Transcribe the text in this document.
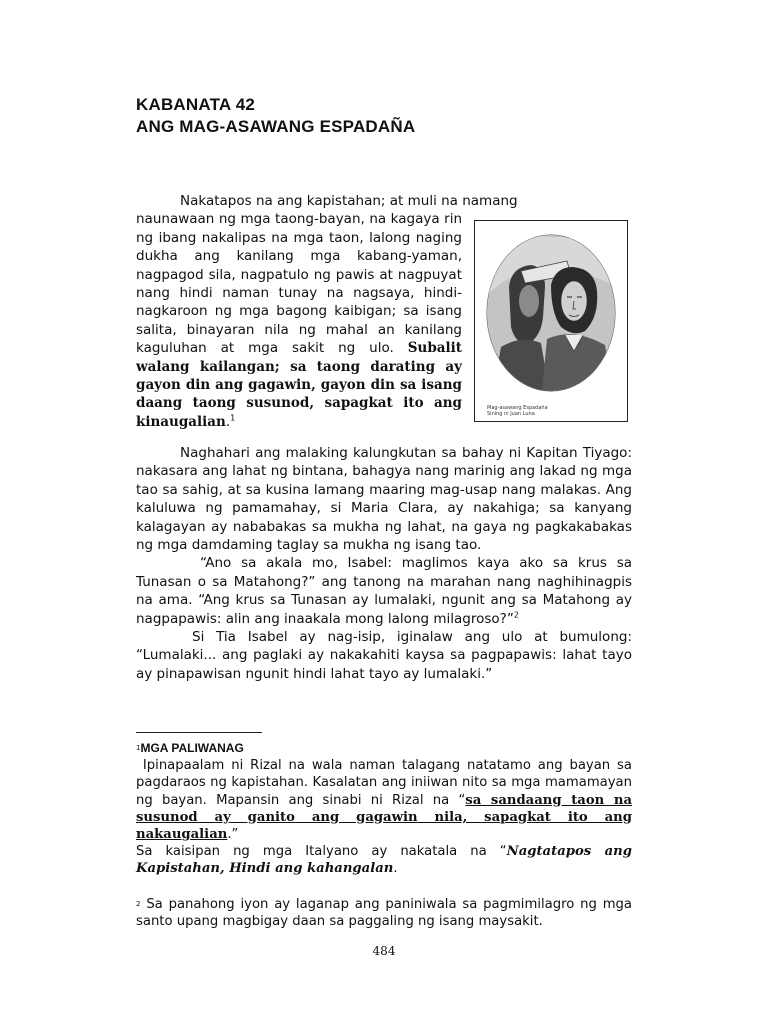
KABANATA 42
ANG MAG-ASAWANG ESPADAÑA
Nakatapos na ang kapistahan; at muli na namang
naunawaan ng mga taong-bayan, na kagaya rin ng ibang nakalipas na mga taon, lalong naging dukha ang kanilang mga kabang-yaman, nagpagod sila, nagpatulo ng pawis at nagpuyat nang hindi naman tunay na nagsaya, hindi-nagkaroon ng mga bagong kaibigan; sa isang salita, binayaran nila ng mahal an kanilang kaguluhan at mga sakit ng ulo. Subalit walang kailangan; sa taong darating ay gayon din ang gagawin, gayon din sa isang daang taong susunod, sapagkat ito ang kinaugalian.$^1$
Mag-asawang Espadaña
Sining ni Juan Luna

Naghahari ang malaking kalungkutan sa bahay ni Kapitan Tiyago: nakasara ang lahat ng bintana, bahagya nang marinig ang lakad ng mga tao sa sahig, at sa kusina lamang maaring mag-usap nang malakas. Ang kaluluwa ng pamamahay, si Maria Clara, ay nakahiga; sa kanyang kalagayan ay nababakas sa mukha ng lahat, na gaya ng pagkakabakas ng mga damdaming taglay sa mukha ng isang tao.

“Ano sa akala mo, Isabel: maglimos kaya ako sa krus sa Tunasan o sa Matahong?” ang tanong na marahan nang naghihinagpis na ama. “Ang krus sa Tunasan ay lumalaki, ngunit ang sa Matahong ay nagpapawis: alin ang inaakala mong lalong milagroso?”$^2$

Si Tia Isabel ay nag-isip, iginalaw ang ulo at bumulong: “Lumalaki... ang paglaki ay nakakahiti kaysa sa pagpapawis: lahat tayo ay pinapawisan ngunit hindi lahat tayo ay lumalaki.”

$^1$MGA PALIWANAG

Ipinapaalam ni Rizal na wala naman talagang natatamo ang bayan sa pagdaraos ng kapistahan. Kasalatan ang iniiwan nito sa mga mamamayan ng bayan. Mapansin ang sinabi ni Rizal na “sa sandaang taon na susunod ay ganito ang gagawin nila, sapagkat ito ang nakaugalian.”

Sa kaisipan ng mga Italyano ay nakatala na “Nagtatapos ang Kapistahan, Hindi ang kahangalan.

$^2$ Sa panahong iyon ay laganap ang paniniwala sa pagmimilagro ng mga santo upang magbigay daan sa paggaling ng isang maysakit.

484
